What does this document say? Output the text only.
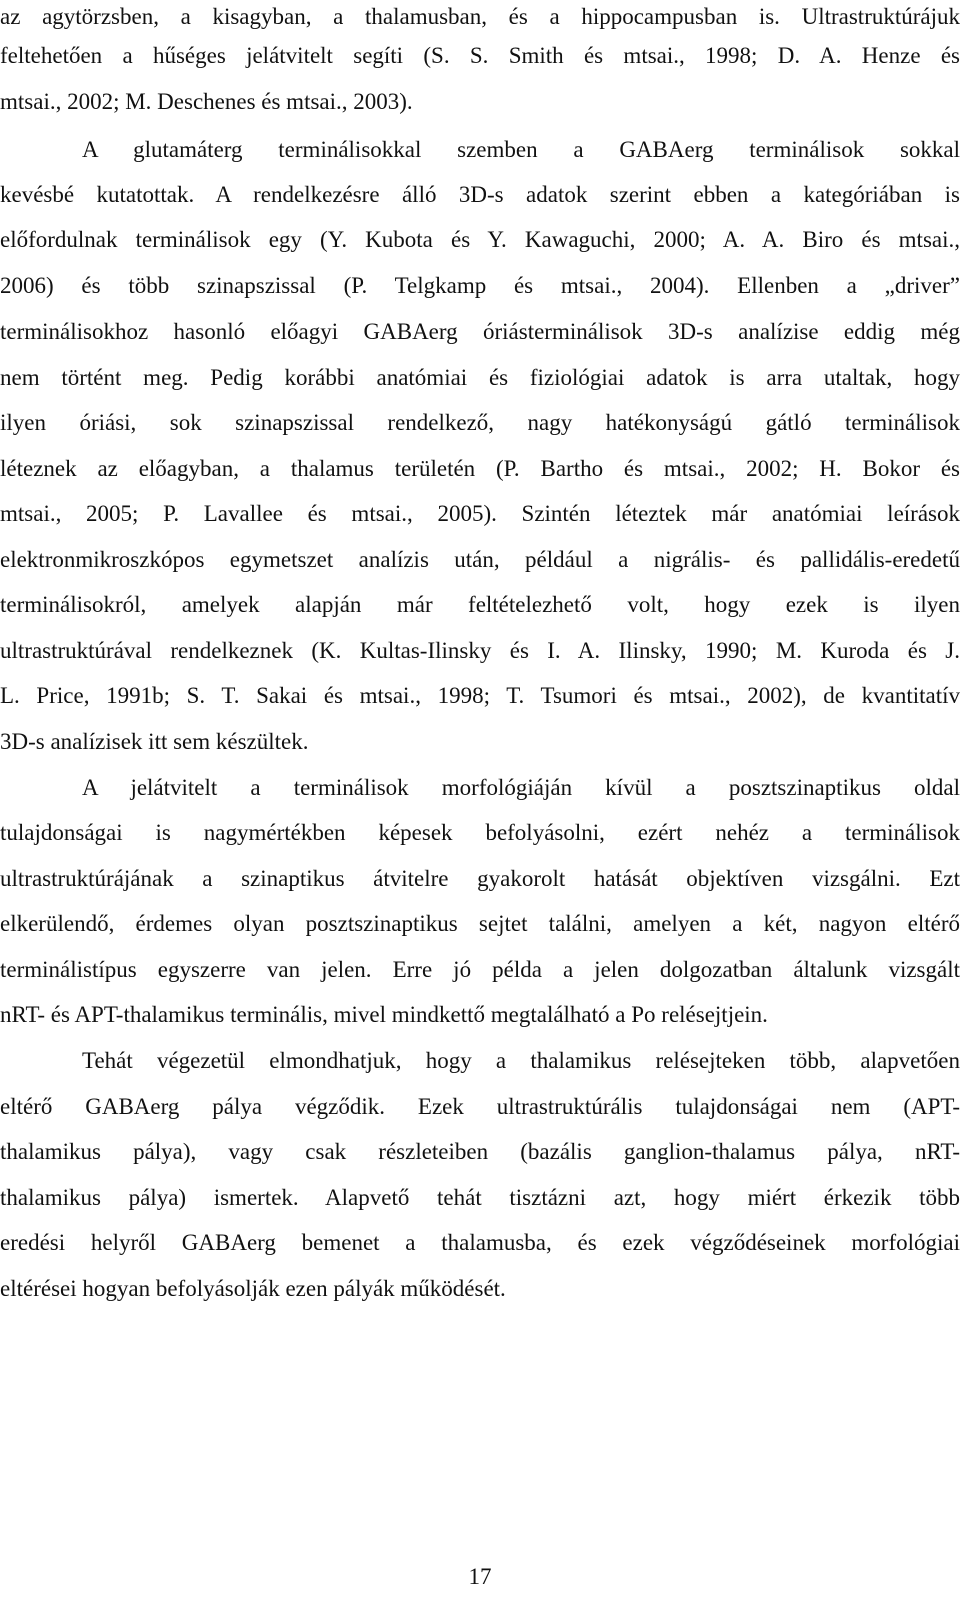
az agytörzsben, a kisagyban, a thalamusban, és a hippocampusban is. Ultrastruktúrájuk
feltehetően a hűséges jelátvitelt segíti (S. S. Smith és mtsai., 1998; D. A. Henze és
mtsai., 2002; M. Deschenes és mtsai., 2003).
A glutamáterg terminálisokkal szemben a GABAerg terminálisok sokkal
kevésbé kutatottak. A rendelkezésre álló 3D-s adatok szerint ebben a kategóriában is
előfordulnak terminálisok egy (Y. Kubota és Y. Kawaguchi, 2000; A. A. Biro és mtsai.,
2006) és több szinapszissal (P. Telgkamp és mtsai., 2004). Ellenben a „driver”
terminálisokhoz hasonló előagyi GABAerg óriásterminálisok 3D-s analízise eddig még
nem történt meg. Pedig korábbi anatómiai és fiziológiai adatok is arra utaltak, hogy
ilyen óriási, sok szinapszissal rendelkező, nagy hatékonyságú gátló terminálisok
léteznek az előagyban, a thalamus területén (P. Bartho és mtsai., 2002; H. Bokor és
mtsai., 2005; P. Lavallee és mtsai., 2005). Szintén léteztek már anatómiai leírások
elektronmikroszkópos egymetszet analízis után, például a nigrális- és pallidális-eredetű
terminálisokról, amelyek alapján már feltételezhető volt, hogy ezek is ilyen
ultrastruktúrával rendelkeznek (K. Kultas-Ilinsky és I. A. Ilinsky, 1990; M. Kuroda és J.
L. Price, 1991b; S. T. Sakai és mtsai., 1998; T. Tsumori és mtsai., 2002), de kvantitatív
3D-s analízisek itt sem készültek.
A jelátvitelt a terminálisok morfológiáján kívül a posztszinaptikus oldal
tulajdonságai is nagymértékben képesek befolyásolni, ezért nehéz a terminálisok
ultrastruktúrájának a szinaptikus átvitelre gyakorolt hatását objektíven vizsgálni. Ezt
elkerülendő, érdemes olyan posztszinaptikus sejtet találni, amelyen a két, nagyon eltérő
terminálistípus egyszerre van jelen. Erre jó példa a jelen dolgozatban általunk vizsgált
nRT- és APT-thalamikus terminális, mivel mindkettő megtalálható a Po relésejtjein.
Tehát végezetül elmondhatjuk, hogy a thalamikus relésejteken több, alapvetően
eltérő GABAerg pálya végződik. Ezek ultrastruktúrális tulajdonságai nem (APT-
thalamikus pálya), vagy csak részleteiben (bazális ganglion-thalamus pálya, nRT-
thalamikus pálya) ismertek. Alapvető tehát tisztázni azt, hogy miért érkezik több
eredési helyről GABAerg bemenet a thalamusba, és ezek végződéseinek morfológiai
eltérései hogyan befolyásolják ezen pályák működését.
17
